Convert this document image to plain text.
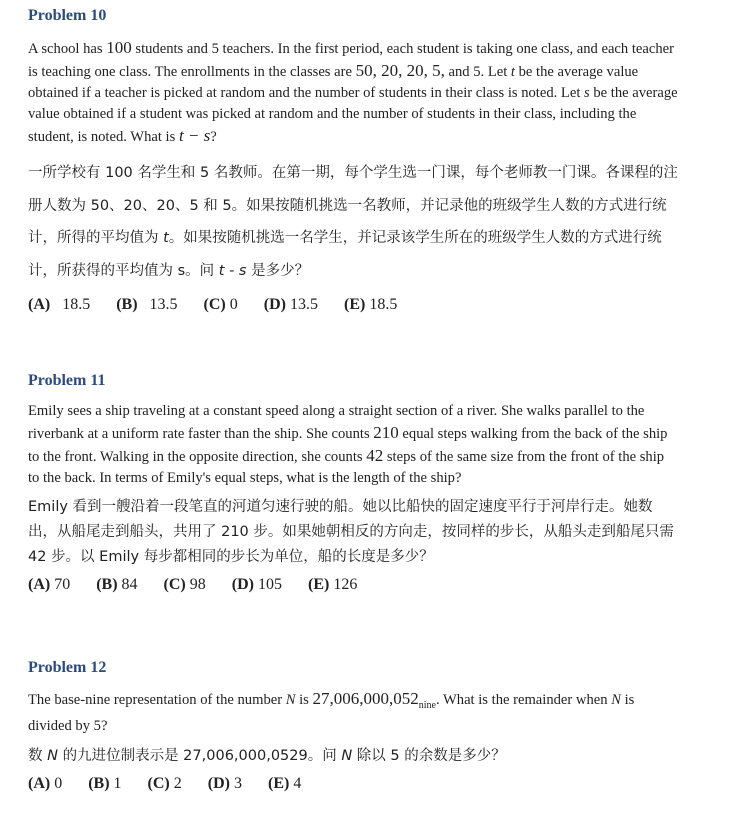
Problem 10

A school has 100 students and 5 teachers. In the first period, each student is taking one class, and each teacher is teaching one class. The enrollments in the classes are 50, 20, 20, 5, and 5. Let t be the average value obtained if a teacher is picked at random and the number of students in their class is noted. Let s be the average value obtained if a student was picked at random and the number of students in their class, including the student, is noted. What is t − s?

一所学校有 100 名学生和 5 名教师。在第一期，每个学生选一门课，每个老师教一门课。各课程的注册人数为 50、20、20、5 和 5。如果按随机挑选一名教师，并记录他的班级学生人数的方式进行统计，所得的平均值为 t。如果按随机挑选一名学生，并记录该学生所在的班级学生人数的方式进行统计，所获得的平均值为 s。问 t - s 是多少？

(A) 18.5 (B) 13.5 (C) 0 (D) 13.5 (E) 18.5
Problem 11

Emily sees a ship traveling at a constant speed along a straight section of a river. She walks parallel to the riverbank at a uniform rate faster than the ship. She counts 210 equal steps walking from the back of the ship to the front. Walking in the opposite direction, she counts 42 steps of the same size from the front of the ship to the back. In terms of Emily's equal steps, what is the length of the ship?

Emily 看到一艘沿着一段笔直的河道匀速行驶的船。她以比船快的固定速度平行于河岸行走。她数出，从船尾走到船头，共用了 210 步。如果她朝相反的方向走，按同样的步长，从船头走到船尾只需 42 步。以 Emily 每步都相同的步长为单位，船的长度是多少？

(A) 70 (B) 84 (C) 98 (D) 105 (E) 126
Problem 12

The base-nine representation of the number N is $27,006,000,052_{nine}$. What is the remainder when N is divided by 5?

数 N 的九进位制表示是 27,006,000,0529。问 N 除以 5 的余数是多少？

(A) 0 (B) 1 (C) 2 (D) 3 (E) 4
